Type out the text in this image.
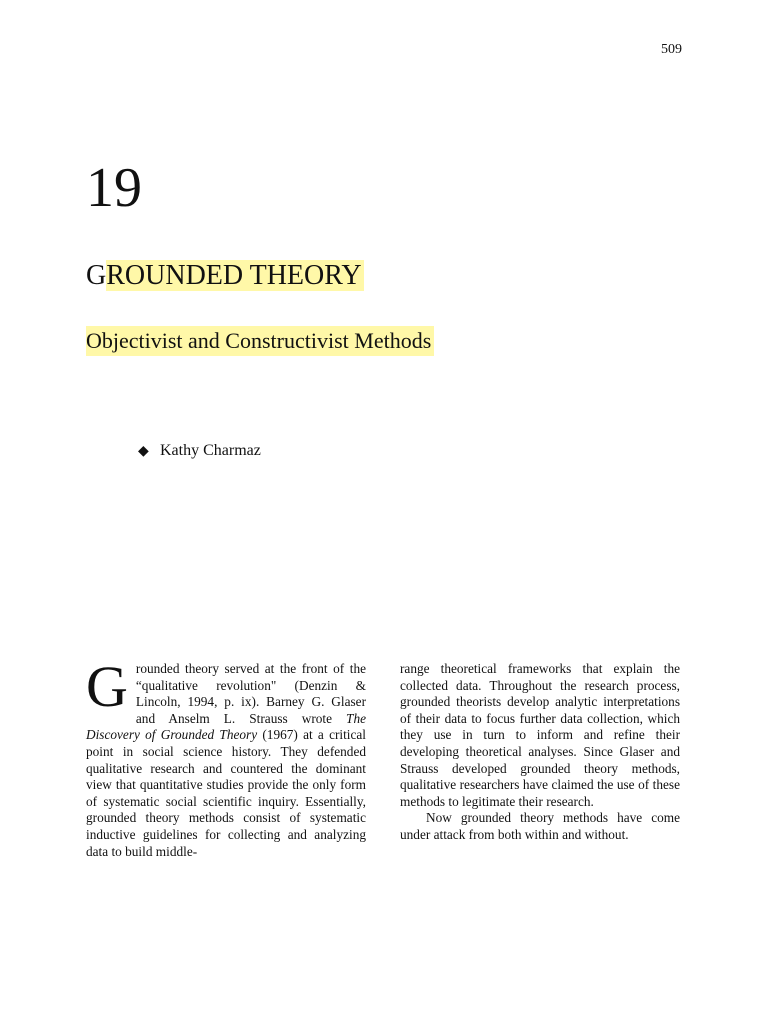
509
19
GROUNDED THEORY
Objectivist and Constructivist Methods
◆ Kathy Charmaz
G rounded theory served at the front of the “qualitative revolution" (Denzin & Lincoln, 1994, p. ix). Barney G. Glaser and Anselm L. Strauss wrote The Discovery of Grounded Theory (1967) at a critical point in social science history. They defended qualitative research and countered the dominant view that quantitative studies provide the only form of systematic social scientific inquiry. Essentially, grounded theory methods consist of systematic inductive guidelines for collecting and analyzing data to build middle-

range theoretical frameworks that explain the collected data. Throughout the research process, grounded theorists develop analytic interpretations of their data to focus further data collection, which they use in turn to inform and refine their developing theoretical analyses. Since Glaser and Strauss developed grounded theory methods, qualitative researchers have claimed the use of these methods to legitimate their research.

Now grounded theory methods have come under attack from both within and without.
